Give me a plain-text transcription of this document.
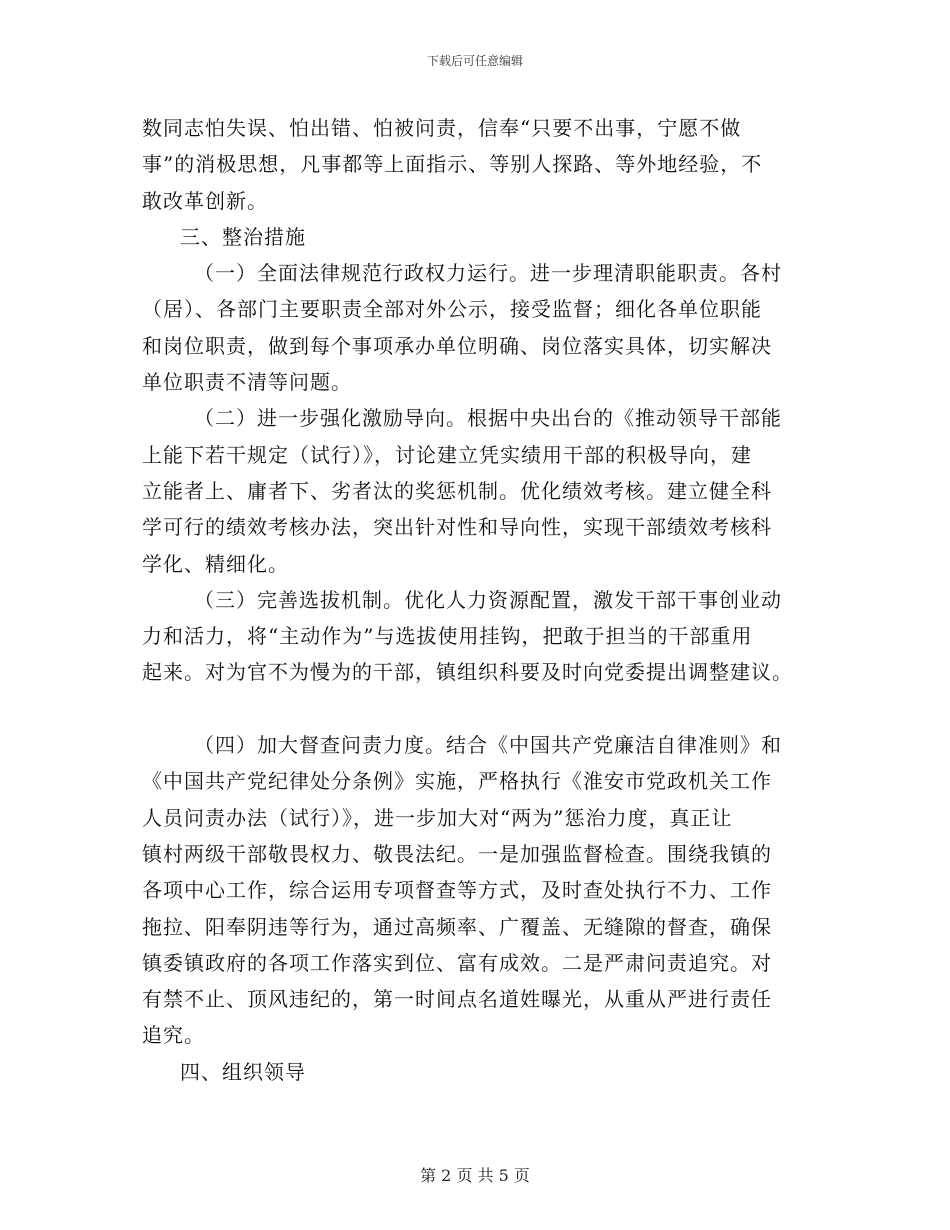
下载后可任意编辑
数同志怕失误、怕出错、怕被问责，信奉“只要不出事，宁愿不做
事”的消极思想，凡事都等上面指示、等别人探路、等外地经验，不
敢改革创新。
三、整治措施
（一）全面法律规范行政权力运行。进一步理清职能职责。各村
（居）、各部门主要职责全部对外公示，接受监督；细化各单位职能
和岗位职责，做到每个事项承办单位明确、岗位落实具体，切实解决
单位职责不清等问题。
（二）进一步强化激励导向。根据中央出台的《推动领导干部能
上能下若干规定（试行）》，讨论建立凭实绩用干部的积极导向，建
立能者上、庸者下、劣者汰的奖惩机制。优化绩效考核。建立健全科
学可行的绩效考核办法，突出针对性和导向性，实现干部绩效考核科
学化、精细化。
（三）完善选拔机制。优化人力资源配置，激发干部干事创业动
力和活力，将“主动作为”与选拔使用挂钩，把敢于担当的干部重用
起来。对为官不为慢为的干部，镇组织科要及时向党委提出调整建议。
（四）加大督查问责力度。结合《中国共产党廉洁自律准则》和
《中国共产党纪律处分条例》实施，严格执行《淮安市党政机关工作
人员问责办法（试行）》，进一步加大对“两为”惩治力度，真正让
镇村两级干部敬畏权力、敬畏法纪。一是加强监督检查。围绕我镇的
各项中心工作，综合运用专项督查等方式，及时查处执行不力、工作
拖拉、阳奉阴违等行为，通过高频率、广覆盖、无缝隙的督查，确保
镇委镇政府的各项工作落实到位、富有成效。二是严肃问责追究。对
有禁不止、顶风违纪的，第一时间点名道姓曝光，从重从严进行责任
追究。
四、组织领导
第 2 页 共 5 页
